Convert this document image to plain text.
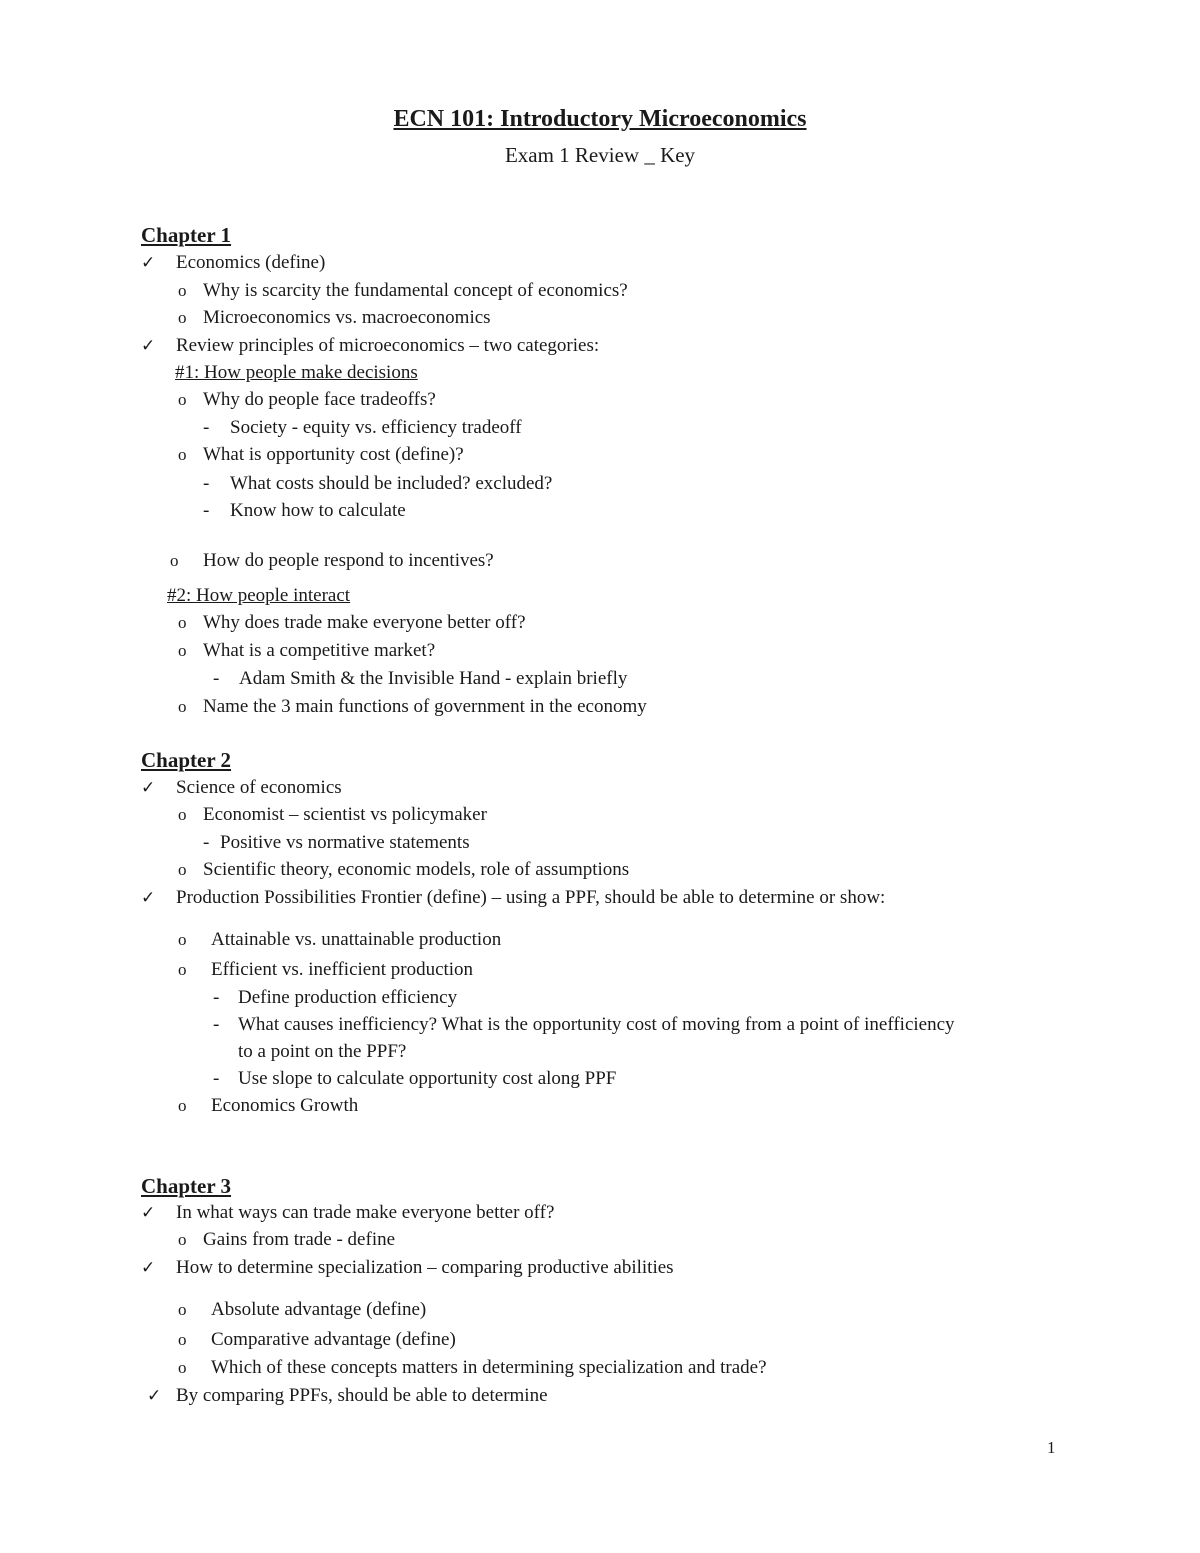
ECN 101: Introductory Microeconomics
Exam 1 Review _ Key
Chapter 1
✓ Economics (define)
o Why is scarcity the fundamental concept of economics?
o Microeconomics vs. macroeconomics
✓ Review principles of microeconomics – two categories:
#1: How people make decisions
o Why do people face tradeoffs?
- Society - equity vs. efficiency tradeoff
o What is opportunity cost (define)?
- What costs should be included? excluded?
- Know how to calculate
o How do people respond to incentives?
#2: How people interact
o Why does trade make everyone better off?
o What is a competitive market?
- Adam Smith & the Invisible Hand - explain briefly
o Name the 3 main functions of government in the economy
Chapter 2
✓ Science of economics
o Economist – scientist vs policymaker
- Positive vs normative statements
o Scientific theory, economic models, role of assumptions
✓ Production Possibilities Frontier (define) – using a PPF, should be able to determine or show:
o Attainable vs. unattainable production
o Efficient vs. inefficient production
- Define production efficiency
- What causes inefficiency? What is the opportunity cost of moving from a point of inefficiency
to a point on the PPF?
- Use slope to calculate opportunity cost along PPF
o Economics Growth
Chapter 3
✓ In what ways can trade make everyone better off?
o Gains from trade - define
✓ How to determine specialization – comparing productive abilities
o Absolute advantage (define)
o Comparative advantage (define)
o Which of these concepts matters in determining specialization and trade?
✓ By comparing PPFs, should be able to determine
1
